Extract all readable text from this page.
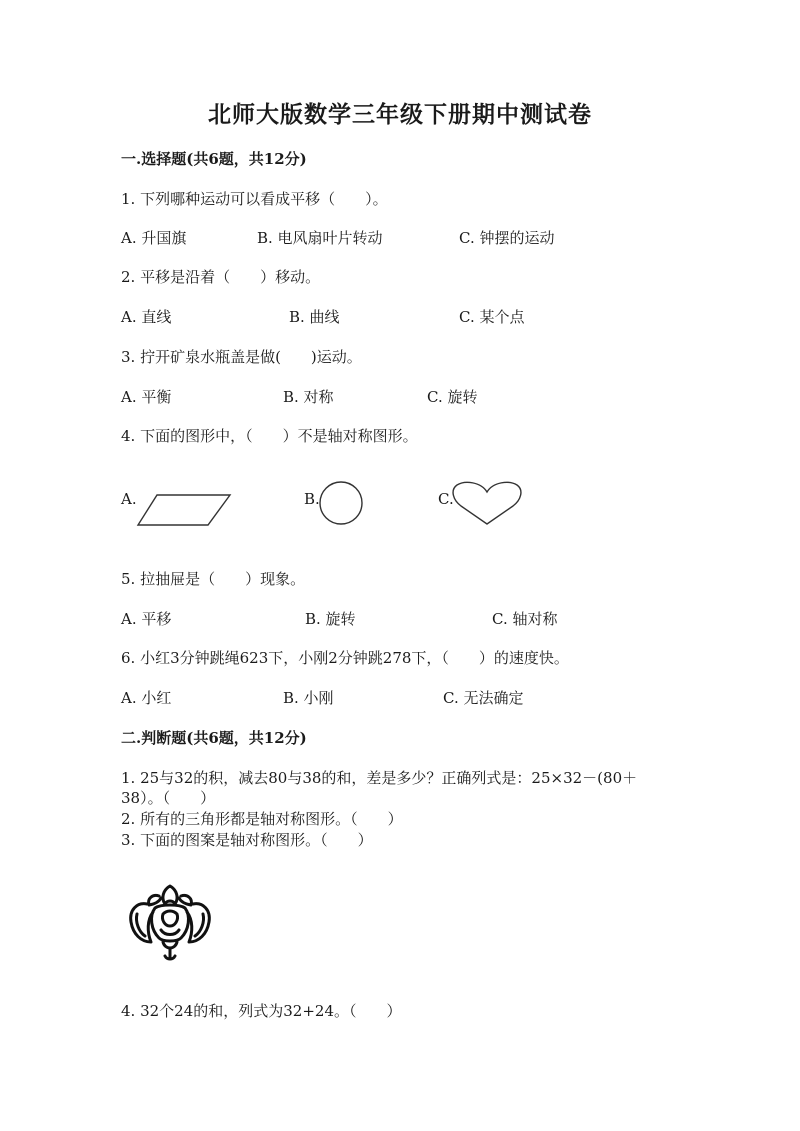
北师大版数学三年级下册期中测试卷
一.选择题(共6题，共12分)
1. 下列哪种运动可以看成平移（　　）。
A. 升国旗	B. 电风扇叶片转动	C. 钟摆的运动
2. 平移是沿着（　　）移动。
A. 直线	B. 曲线	C. 某个点
3. 拧开矿泉水瓶盖是做(　　)运动。
A. 平衡	B. 对称	C. 旋转
4. 下面的图形中，（　　）不是轴对称图形。
A.	B.	C.
5. 拉抽屉是（　　）现象。
A. 平移	B. 旋转	C. 轴对称
6. 小红3分钟跳绳623下，小刚2分钟跳278下，（　　）的速度快。
A. 小红	B. 小刚	C. 无法确定
二.判断题(共6题，共12分)
1. 25与32的积，减去80与38的和，差是多少？正确列式是：25×32－(80＋
38）。（　　）
2. 所有的三角形都是轴对称图形。（　　）
3. 下面的图案是轴对称图形。（　　）
4. 32个24的和，列式为32+24。（　　）
